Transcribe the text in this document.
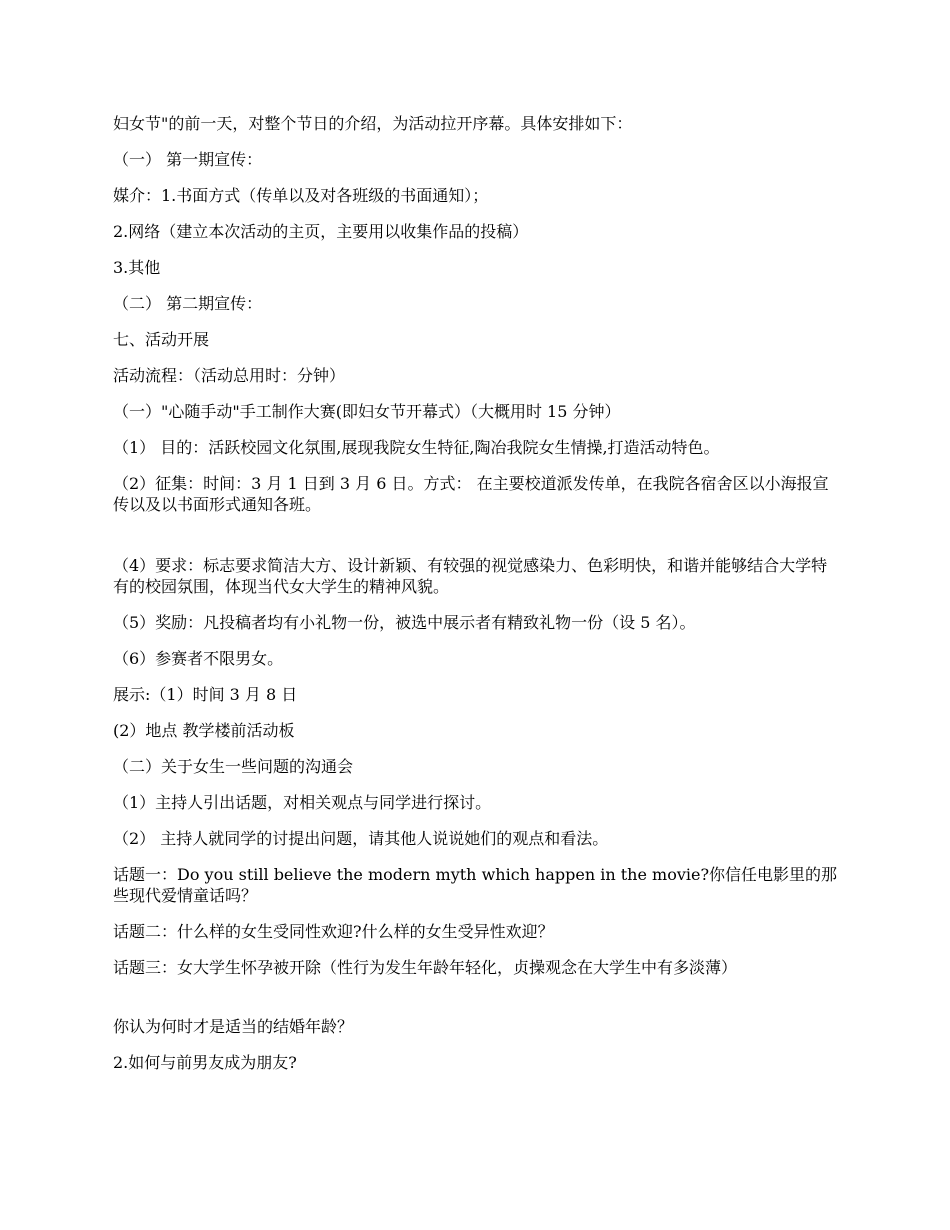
妇女节"的前一天，对整个节日的介绍，为活动拉开序幕。具体安排如下：

（一） 第一期宣传：

媒介：1.书面方式（传单以及对各班级的书面通知）；

2.网络（建立本次活动的主页，主要用以收集作品的投稿）

3.其他

（二） 第二期宣传：

七、活动开展

活动流程：（活动总用时：分钟）

（一）"心随手动"手工制作大赛(即妇女节开幕式）（大概用时 15 分钟）

（1） 目的：活跃校园文化氛围,展现我院女生特征,陶冶我院女生情操,打造活动特色。

（2）征集：时间：3 月 1 日到 3 月 6 日。方式： 在主要校道派发传单，在我院各宿舍区以小海报宣传以及以书面形式通知各班。

（4）要求：标志要求简洁大方、设计新颖、有较强的视觉感染力、色彩明快，和谐并能够结合大学特有的校园氛围，体现当代女大学生的精神风貌。

（5）奖励：凡投稿者均有小礼物一份，被选中展示者有精致礼物一份（设 5 名）。

（6）参赛者不限男女。

展示:（1）时间 3 月 8 日

(2）地点 教学楼前活动板

（二）关于女生一些问题的沟通会

（1）主持人引出话题，对相关观点与同学进行探讨。

（2） 主持人就同学的讨提出问题，请其他人说说她们的观点和看法。

话题一：Do you still believe the modern myth which happen in the movie?你信任电影里的那些现代爱情童话吗？

话题二：什么样的女生受同性欢迎?什么样的女生受异性欢迎？

话题三：女大学生怀孕被开除（性行为发生年龄年轻化，贞操观念在大学生中有多淡薄）

你认为何时才是适当的结婚年龄？

2.如何与前男友成为朋友?
